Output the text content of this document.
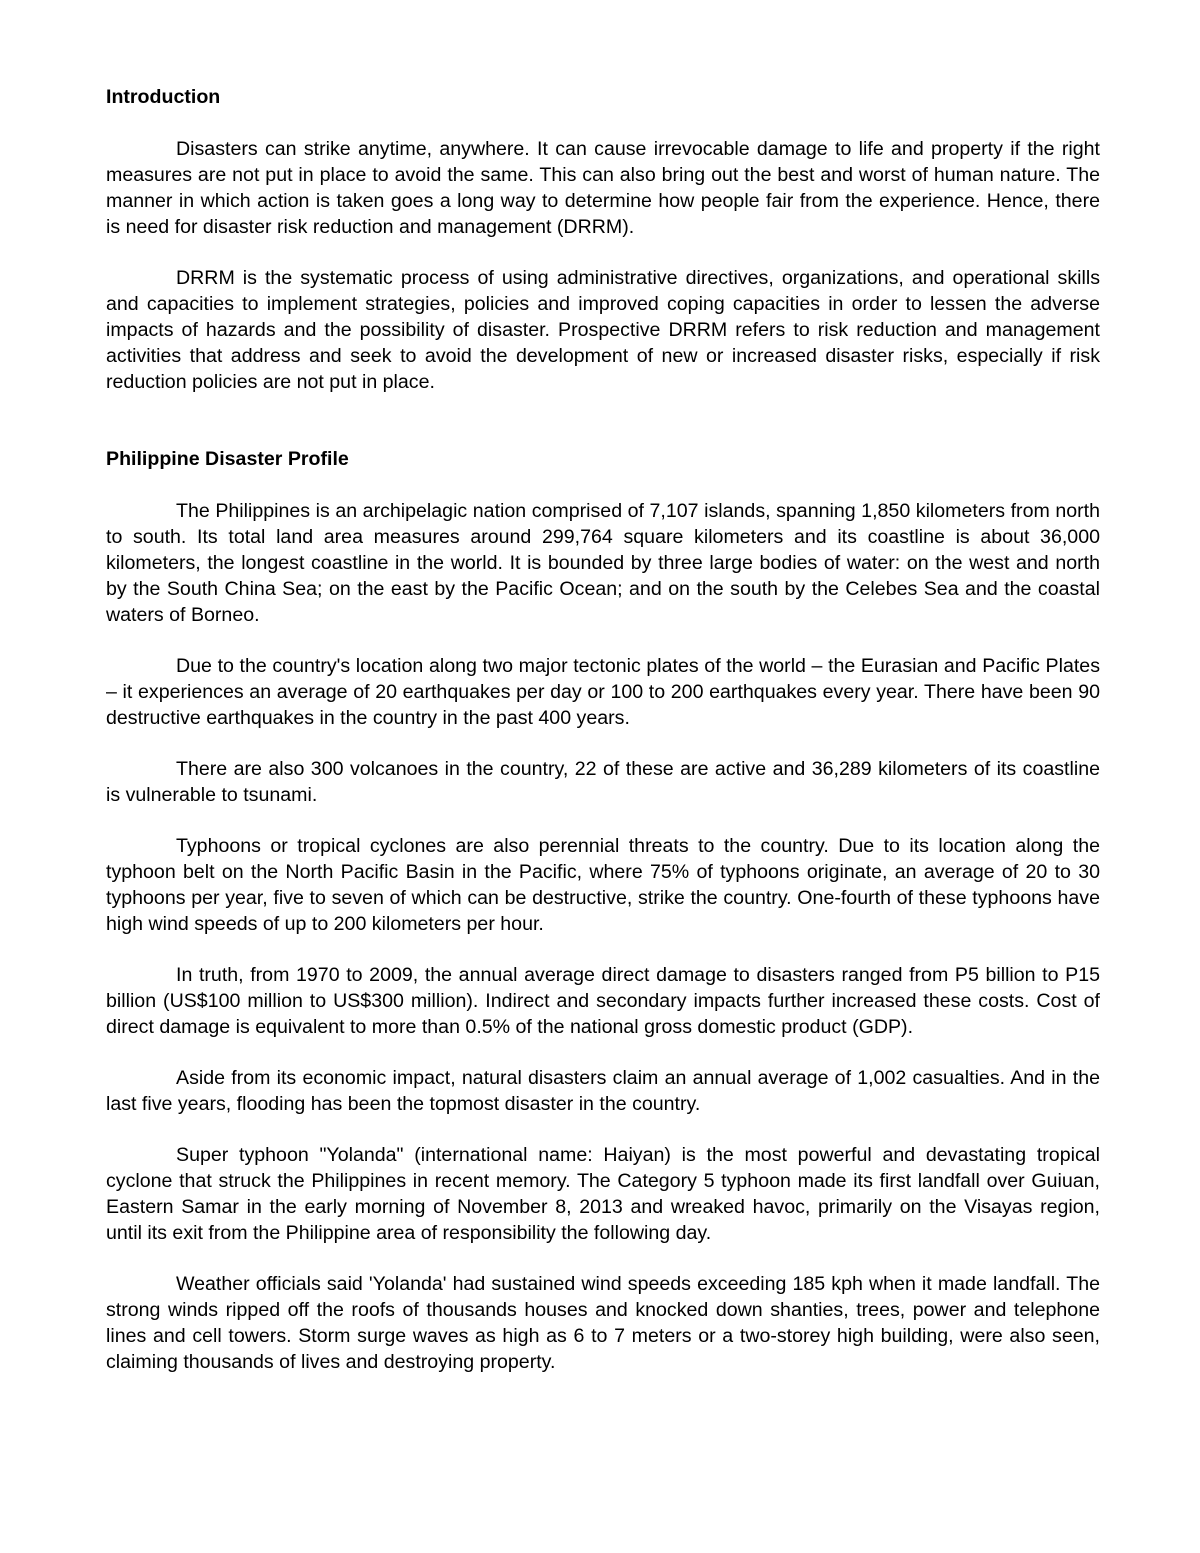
Introduction

Disasters can strike anytime, anywhere. It can cause irrevocable damage to life and property if the right measures are not put in place to avoid the same. This can also bring out the best and worst of human nature. The manner in which action is taken goes a long way to determine how people fair from the experience. Hence, there is need for disaster risk reduction and management (DRRM).

DRRM is the systematic process of using administrative directives, organizations, and operational skills and capacities to implement strategies, policies and improved coping capacities in order to lessen the adverse impacts of hazards and the possibility of disaster. Prospective DRRM refers to risk reduction and management activities that address and seek to avoid the development of new or increased disaster risks, especially if risk reduction policies are not put in place.

Philippine Disaster Profile

The Philippines is an archipelagic nation comprised of 7,107 islands, spanning 1,850 kilometers from north to south. Its total land area measures around 299,764 square kilometers and its coastline is about 36,000 kilometers, the longest coastline in the world. It is bounded by three large bodies of water: on the west and north by the South China Sea; on the east by the Pacific Ocean; and on the south by the Celebes Sea and the coastal waters of Borneo.

Due to the country's location along two major tectonic plates of the world – the Eurasian and Pacific Plates – it experiences an average of 20 earthquakes per day or 100 to 200 earthquakes every year. There have been 90 destructive earthquakes in the country in the past 400 years.

There are also 300 volcanoes in the country, 22 of these are active and 36,289 kilometers of its coastline is vulnerable to tsunami.

Typhoons or tropical cyclones are also perennial threats to the country. Due to its location along the typhoon belt on the North Pacific Basin in the Pacific, where 75% of typhoons originate, an average of 20 to 30 typhoons per year, five to seven of which can be destructive, strike the country. One-fourth of these typhoons have high wind speeds of up to 200 kilometers per hour.

In truth, from 1970 to 2009, the annual average direct damage to disasters ranged from P5 billion to P15 billion (US$100 million to US$300 million). Indirect and secondary impacts further increased these costs. Cost of direct damage is equivalent to more than 0.5% of the national gross domestic product (GDP).

Aside from its economic impact, natural disasters claim an annual average of 1,002 casualties. And in the last five years, flooding has been the topmost disaster in the country.

Super typhoon "Yolanda" (international name: Haiyan) is the most powerful and devastating tropical cyclone that struck the Philippines in recent memory. The Category 5 typhoon made its first landfall over Guiuan, Eastern Samar in the early morning of November 8, 2013 and wreaked havoc, primarily on the Visayas region, until its exit from the Philippine area of responsibility the following day.

Weather officials said 'Yolanda' had sustained wind speeds exceeding 185 kph when it made landfall. The strong winds ripped off the roofs of thousands houses and knocked down shanties, trees, power and telephone lines and cell towers. Storm surge waves as high as 6 to 7 meters or a two-storey high building, were also seen, claiming thousands of lives and destroying property.
